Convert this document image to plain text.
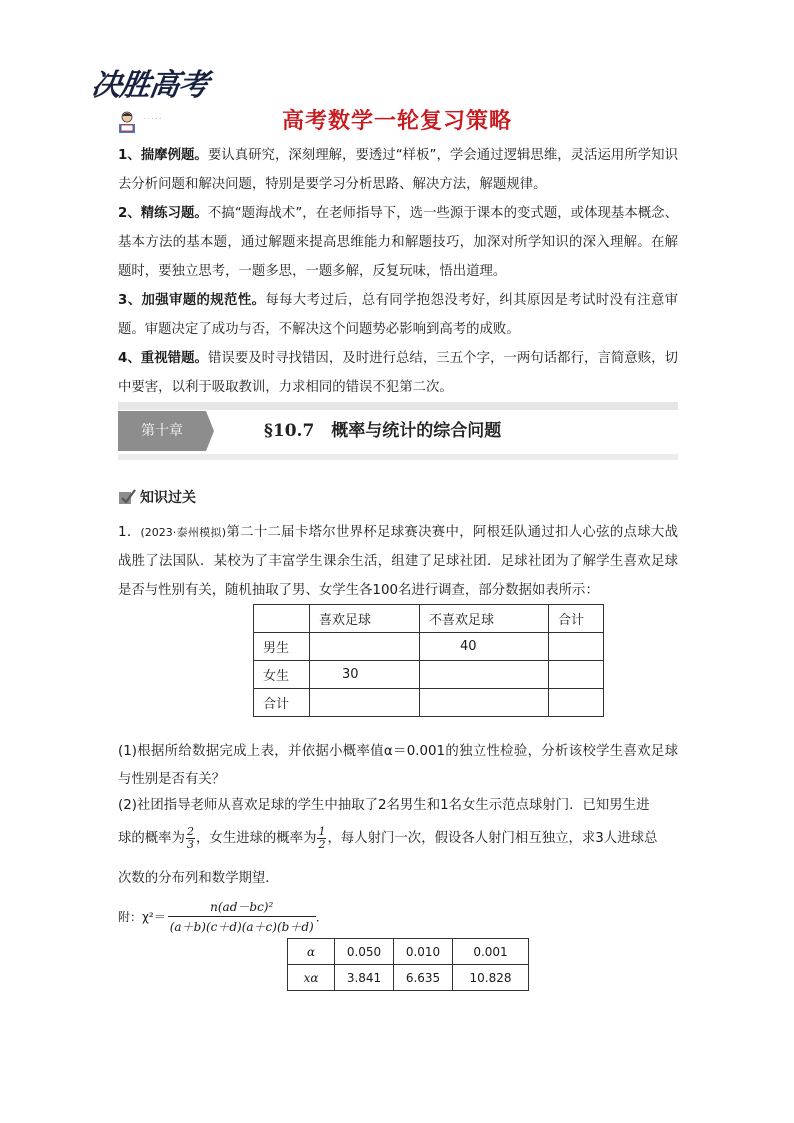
决胜高考
· · · · ·	高考数学一轮复习策略

1、揣摩例题。要认真研究，深刻理解，要透过“样板”，学会通过逻辑思维，灵活运用所学知识去分析问题和解决问题，特别是要学习分析思路、解决方法，解题规律。

2、精练习题。不搞“题海战术”，在老师指导下，选一些源于课本的变式题，或体现基本概念、基本方法的基本题，通过解题来提高思维能力和解题技巧，加深对所学知识的深入理解。在解题时，要独立思考，一题多思，一题多解，反复玩味，悟出道理。

3、加强审题的规范性。每每大考过后，总有同学抱怨没考好，纠其原因是考试时没有注意审题。审题决定了成功与否，不解决这个问题势必影响到高考的成败。

4、重视错题。错误要及时寻找错因，及时进行总结，三五个字，一两句话都行，言简意赅，切中要害，以利于吸取教训，力求相同的错误不犯第二次。

第十章	§10.7　概率与统计的综合问题
知识过关

1．(2023·泰州模拟)第二十二届卡塔尔世界杯足球赛决赛中，阿根廷队通过扣人心弦的点球大战战胜了法国队．某校为了丰富学生课余生活，组建了足球社团．足球社团为了解学生喜欢足球是否与性别有关，随机抽取了男、女学生各100名进行调查，部分数据如表所示：

	喜欢足球	不喜欢足球	合计
男生		40	
女生	30		
合计			

(1)根据所给数据完成上表，并依据小概率值α＝0.001的独立性检验，分析该校学生喜欢足球与性别是否有关？

(2)社团指导老师从喜欢足球的学生中抽取了2名男生和1名女生示范点球射门．已知男生进
球的概率为 $\frac{2}{3}$ ，女生进球的概率为 $\frac{1}{2}$ ，每人射门一次，假设各人射门相互独立，求3人进球总
次数的分布列和数学期望．
附：$\chi^2= \frac{\text{n(ad－bc)²}}{(a+b)(c+d)(a+c)(b+d)}$ ．
α	0.050	0.010	0.001
xα	3.841	6.635	10.828
